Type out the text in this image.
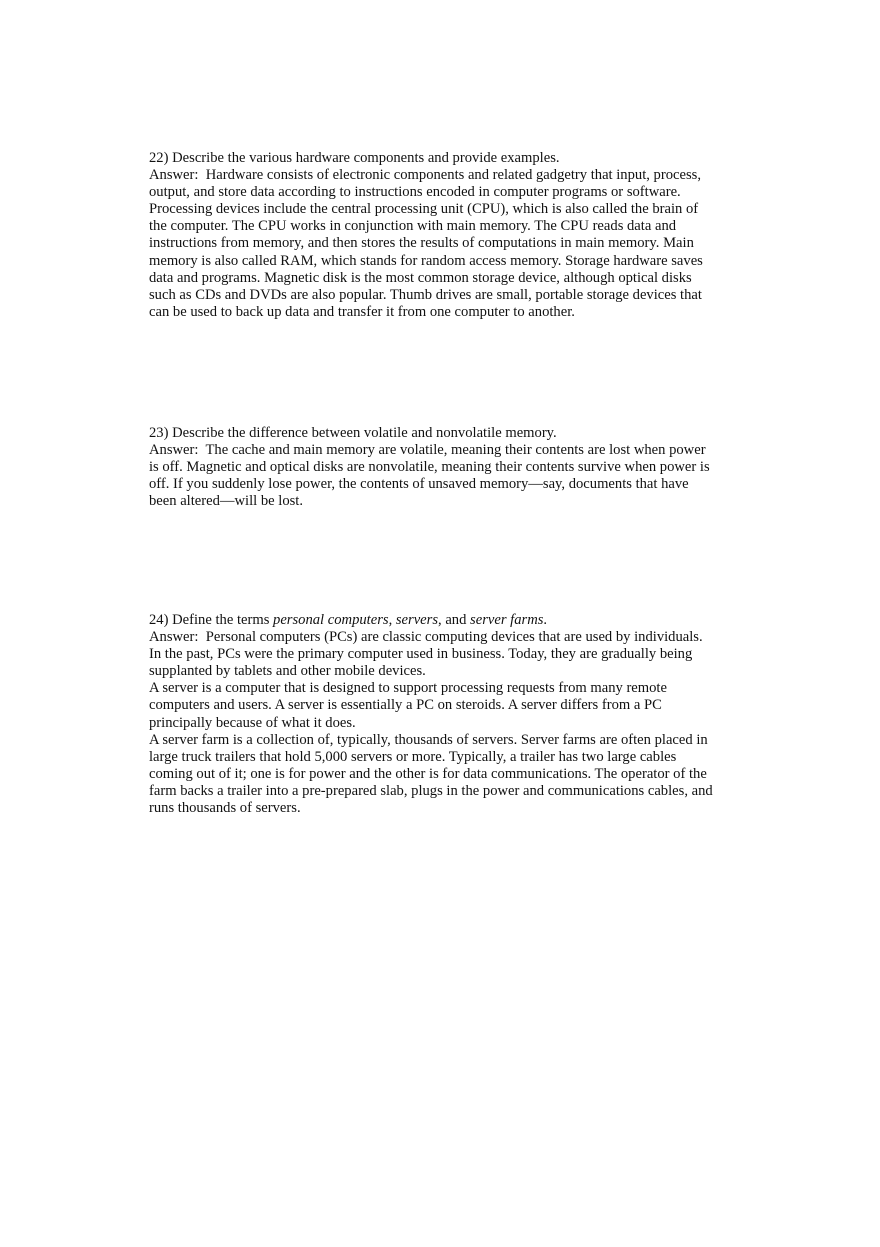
22) Describe the various hardware components and provide examples.

Answer: Hardware consists of electronic components and related gadgetry that input, process,

output, and store data according to instructions encoded in computer programs or software.

Processing devices include the central processing unit (CPU), which is also called the brain of

the computer. The CPU works in conjunction with main memory. The CPU reads data and

instructions from memory, and then stores the results of computations in main memory. Main

memory is also called RAM, which stands for random access memory. Storage hardware saves

data and programs. Magnetic disk is the most common storage device, although optical disks

such as CDs and DVDs are also popular. Thumb drives are small, portable storage devices that

can be used to back up data and transfer it from one computer to another.

23) Describe the difference between volatile and nonvolatile memory.

Answer: The cache and main memory are volatile, meaning their contents are lost when power

is off. Magnetic and optical disks are nonvolatile, meaning their contents survive when power is

off. If you suddenly lose power, the contents of unsaved memory—say, documents that have

been altered—will be lost.

24) Define the terms personal computers, servers, and server farms.

Answer: Personal computers (PCs) are classic computing devices that are used by individuals.

In the past, PCs were the primary computer used in business. Today, they are gradually being

supplanted by tablets and other mobile devices.

A server is a computer that is designed to support processing requests from many remote

computers and users. A server is essentially a PC on steroids. A server differs from a PC

principally because of what it does.

A server farm is a collection of, typically, thousands of servers. Server farms are often placed in

large truck trailers that hold 5,000 servers or more. Typically, a trailer has two large cables

coming out of it; one is for power and the other is for data communications. The operator of the

farm backs a trailer into a pre-prepared slab, plugs in the power and communications cables, and

runs thousands of servers.
